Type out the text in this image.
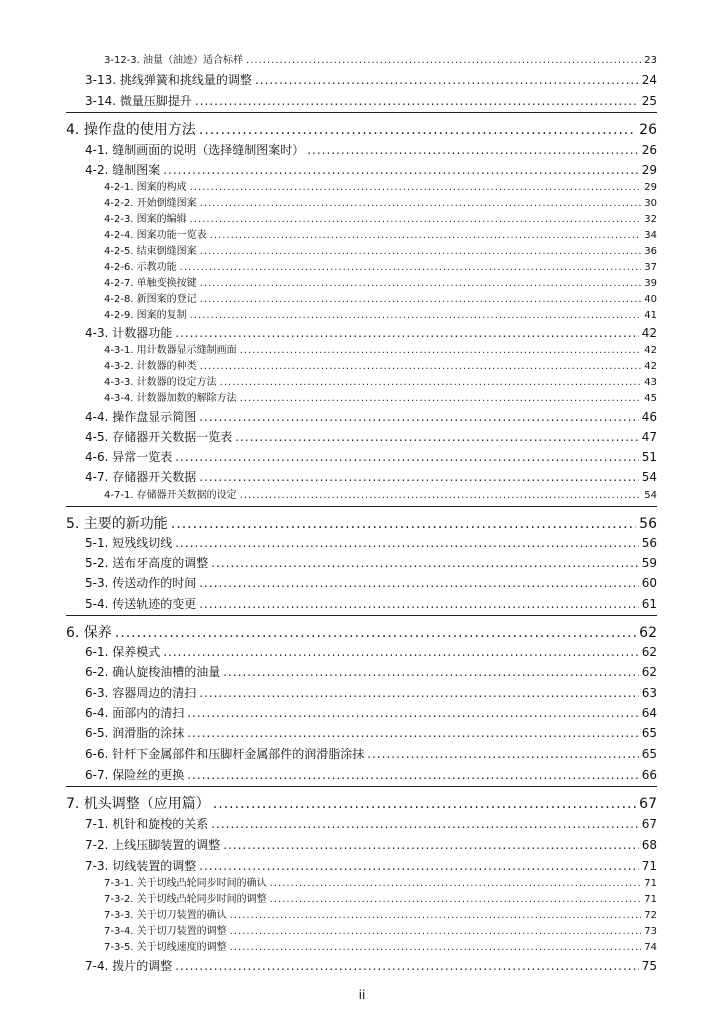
3-12-3. 油量（油迹）适合标样 .....	23
3-13. 挑线弹簧和挑线量的调整 .....	24
3-14. 微量压脚提升 .....	25
4. 操作盘的使用方法 .....	26
4-1. 缝制画面的说明（选择缝制图案时） .....	26
4-2. 缝制图案 .....	29
4-2-1. 图案的构成 .....	29
4-2-2. 开始倒缝图案 .....	30
4-2-3. 图案的编辑 .....	32
4-2-4. 图案功能一览表 .....	34
4-2-5. 结束倒缝图案 .....	36
4-2-6. 示教功能 .....	37
4-2-7. 单触变换按键 .....	39
4-2-8. 新图案的登记 .....	40
4-2-9. 图案的复制 .....	41
4-3. 计数器功能 .....	42
4-3-1. 用计数器显示缝制画面 .....	42
4-3-2. 计数器的种类 .....	42
4-3-3. 计数器的设定方法 .....	43
4-3-4. 计数器加数的解除方法 .....	45
4-4. 操作盘显示简图 .....	46
4-5. 存储器开关数据一览表 .....	47
4-6. 异常一览表 .....	51
4-7. 存储器开关数据 .....	54
4-7-1. 存储器开关数据的设定 .....	54
5. 主要的新功能 .....	56
5-1. 短残线切线 .....	56
5-2. 送布牙高度的调整 .....	59
5-3. 传送动作的时间 .....	60
5-4. 传送轨迹的变更 .....	61
6. 保养 .....	62
6-1. 保养模式 .....	62
6-2. 确认旋梭油槽的油量 .....	62
6-3. 容器周边的清扫 .....	63
6-4. 面部内的清扫 .....	64
6-5. 润滑脂的涂抹 .....	65
6-6. 针杆下金属部件和压脚杆金属部件的润滑脂涂抹 .....	65
6-7. 保险丝的更换 .....	66
7. 机头调整（应用篇） .....	67
7-1. 机针和旋梭的关系 .....	67
7-2. 上线压脚装置的调整 .....	68
7-3. 切线装置的调整 .....	71
7-3-1. 关于切线凸轮同步时间的确认 .....	71
7-3-2. 关于切线凸轮同步时间的调整 .....	71
7-3-3. 关于切刀装置的确认 .....	72
7-3-4. 关于切刀装置的调整 .....	73
7-3-5. 关于切线速度的调整 .....	74
7-4. 拨片的调整 .....	75
ii
